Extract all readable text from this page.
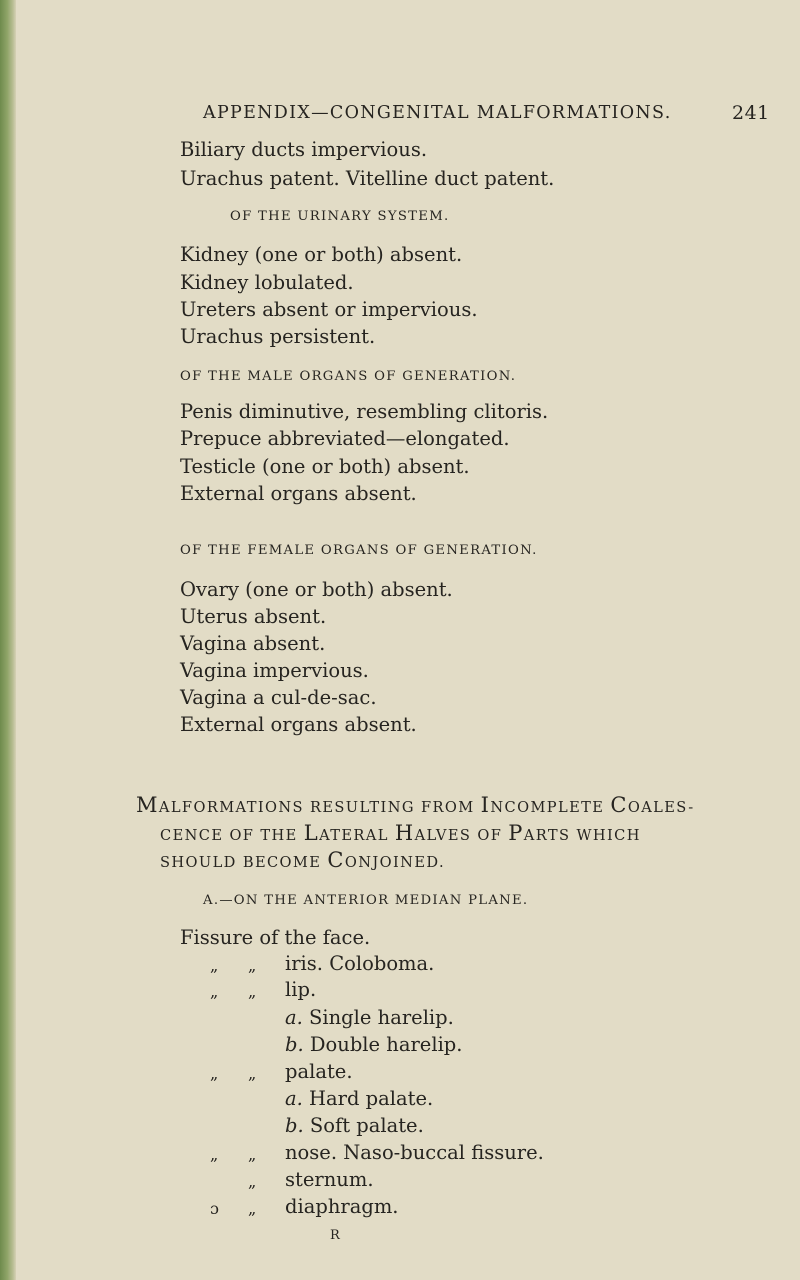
APPENDIX—CONGENITAL MALFORMATIONS.	241
Biliary ducts impervious.
Urachus patent. Vitelline duct patent.
OF THE URINARY SYSTEM.
Kidney (one or both) absent.
Kidney lobulated.
Ureters absent or impervious.
Urachus persistent.
OF THE MALE ORGANS OF GENERATION.
Penis diminutive, resembling clitoris.
Prepuce abbreviated—elongated.
Testicle (one or both) absent.
External organs absent.
OF THE FEMALE ORGANS OF GENERATION.
Ovary (one or both) absent.
Uterus absent.
Vagina absent.
Vagina impervious.
Vagina a cul-de-sac.
External organs absent.
MALFORMATIONS RESULTING FROM INCOMPLETE COALES-
CENCE OF THE LATERAL HALVES OF PARTS WHICH
SHOULD BECOME CONJOINED.
A.—ON THE ANTERIOR MEDIAN PLANE.
Fissure of the face.
„ „ iris. Coloboma.
„ „ lip.
a. Single harelip.
b. Double harelip.
„ „ palate.
a. Hard palate.
b. Soft palate.
„ „ nose. Naso-buccal fissure.
„ sternum.
ɔ „ diaphragm.
R
